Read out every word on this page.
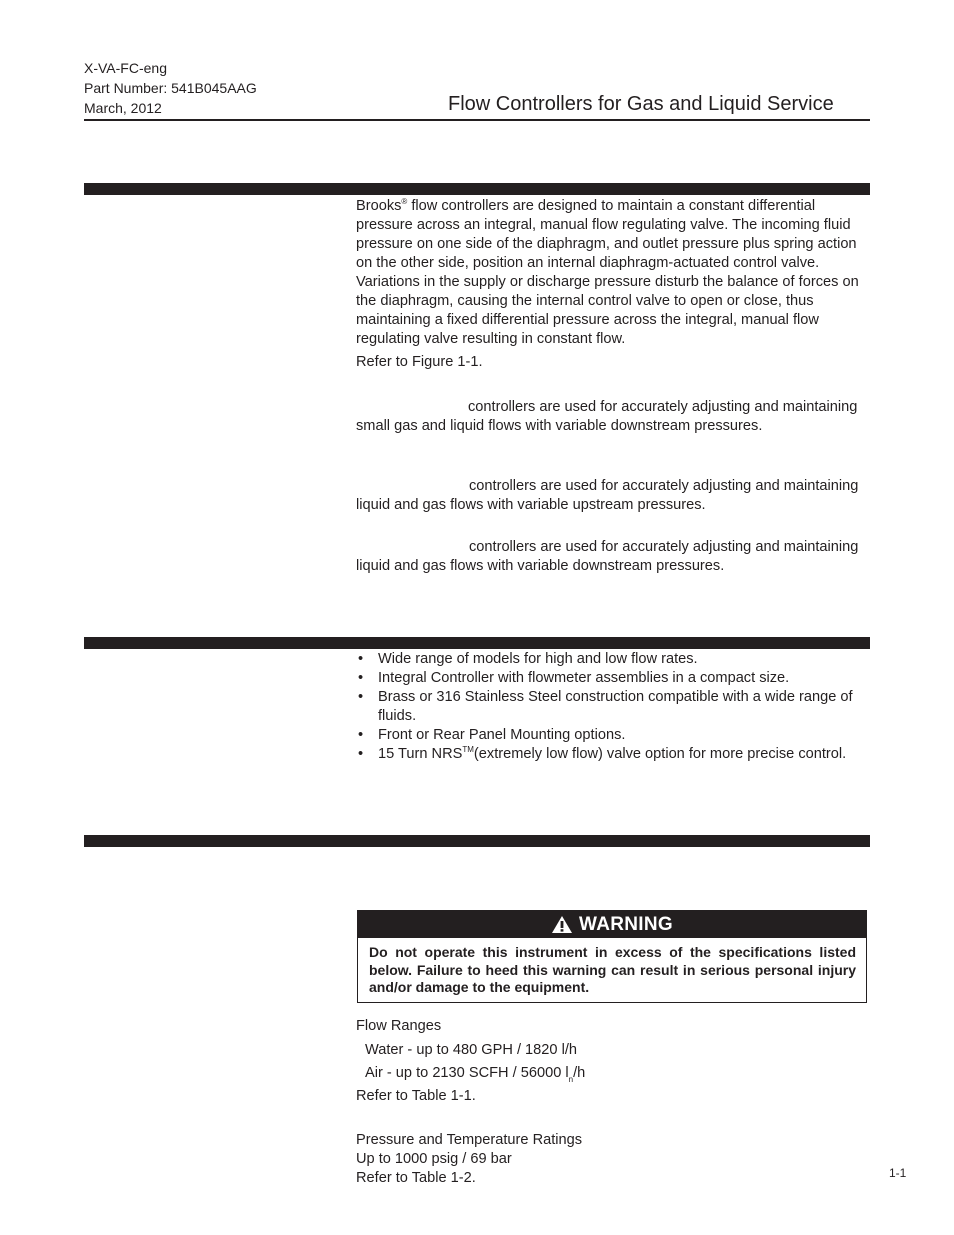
X-VA-FC-eng
Part Number: 541B045AAG
March, 2012	Flow Controllers for Gas and Liquid Service

Brooks® flow controllers are designed to maintain a constant differential pressure across an integral, manual flow regulating valve. The incoming fluid pressure on one side of the diaphragm, and outlet pressure plus spring action on the other side, position an internal diaphragm-actuated control valve. Variations in the supply or discharge pressure disturb the balance of forces on the diaphragm, causing the internal control valve to open or close, thus maintaining a fixed differential pressure across the integral, manual flow regulating valve resulting in constant flow.

Refer to Figure 1-1.

controllers are used for accurately adjusting and maintaining small gas and liquid flows with variable downstream pressures.
controllers are used for accurately adjusting and maintaining liquid and gas flows with variable upstream pressures.
controllers are used for accurately adjusting and maintaining liquid and gas flows with variable downstream pressures.
• Wide range of models for high and low flow rates.
• Integral Controller with flowmeter assemblies in a compact size.
• Brass or 316 Stainless Steel construction compatible with a wide range of fluids.
• Front or Rear Panel Mounting options.
• 15 Turn NRS™(extremely low flow) valve option for more precise control.
WARNING
Do not operate this instrument in excess of the specifications listed below. Failure to heed this warning can result in serious personal injury and/or damage to the equipment.
Flow Ranges
Water - up to 480 GPH / 1820 l/h
Air - up to 2130 SCFH / 56000 $l_n/h$
Refer to Table 1-1.
Pressure and Temperature Ratings
Up to 1000 psig / 69 bar
Refer to Table 1-2.	1-1
